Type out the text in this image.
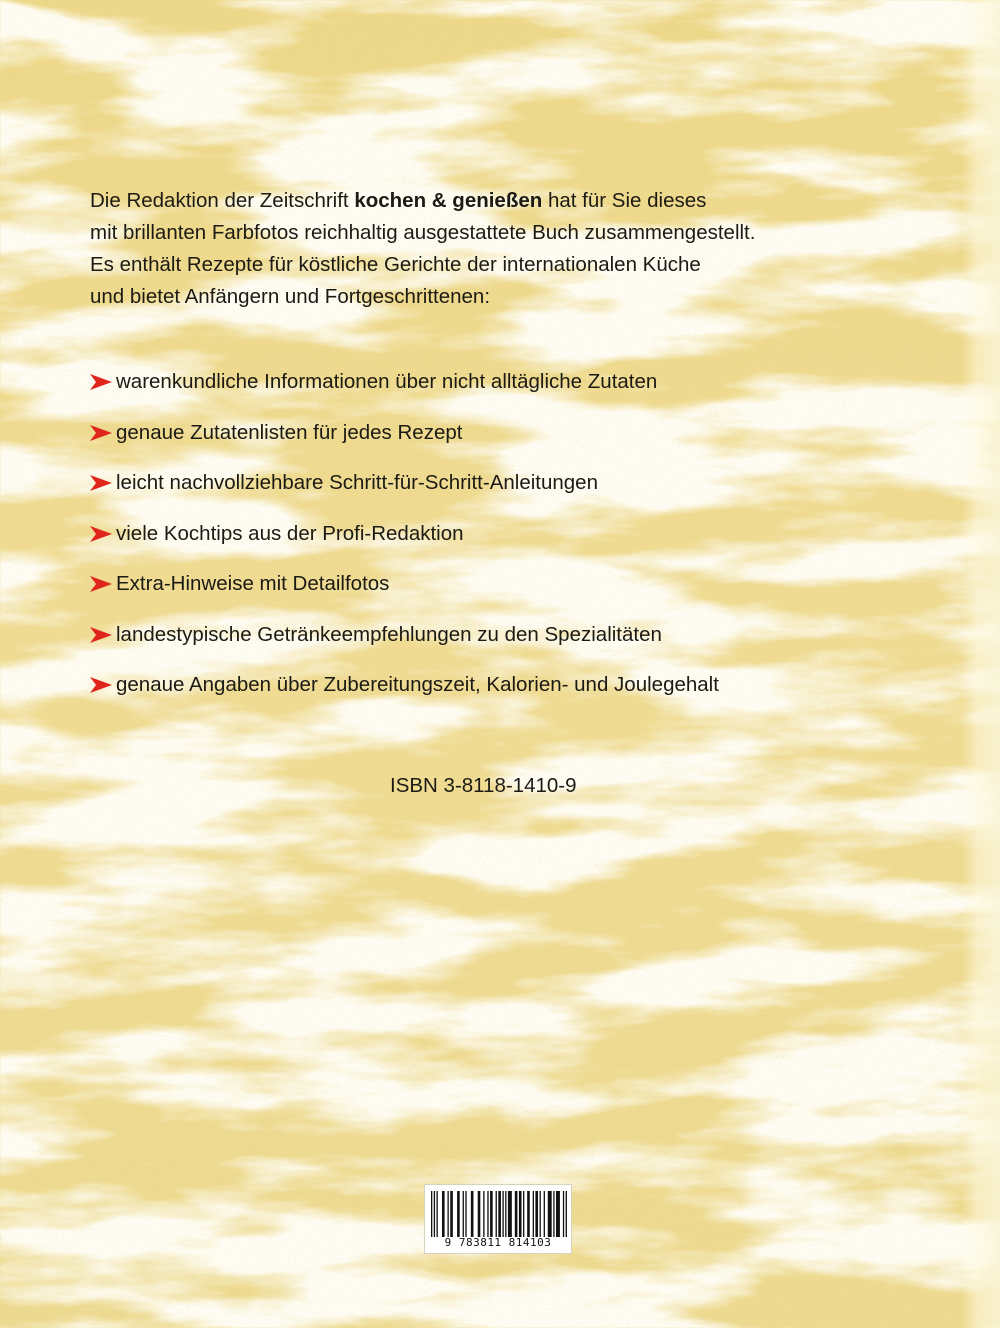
Die Redaktion der Zeitschrift kochen & genießen hat für Sie dieses
mit brillanten Farbfotos reichhaltig ausgestattete Buch zusammengestellt.
Es enthält Rezepte für köstliche Gerichte der internationalen Küche
und bietet Anfängern und Fortgeschrittenen:

warenkundliche Informationen über nicht alltägliche Zutaten
genaue Zutatenlisten für jedes Rezept
leicht nachvollziehbare Schritt-für-Schritt-Anleitungen
viele Kochtips aus der Profi-Redaktion
Extra-Hinweise mit Detailfotos
landestypische Getränkeempfehlungen zu den Spezialitäten
genaue Angaben über Zubereitungszeit, Kalorien- und Joulegehalt
ISBN 3-8118-1410-9
9 783811 814103
